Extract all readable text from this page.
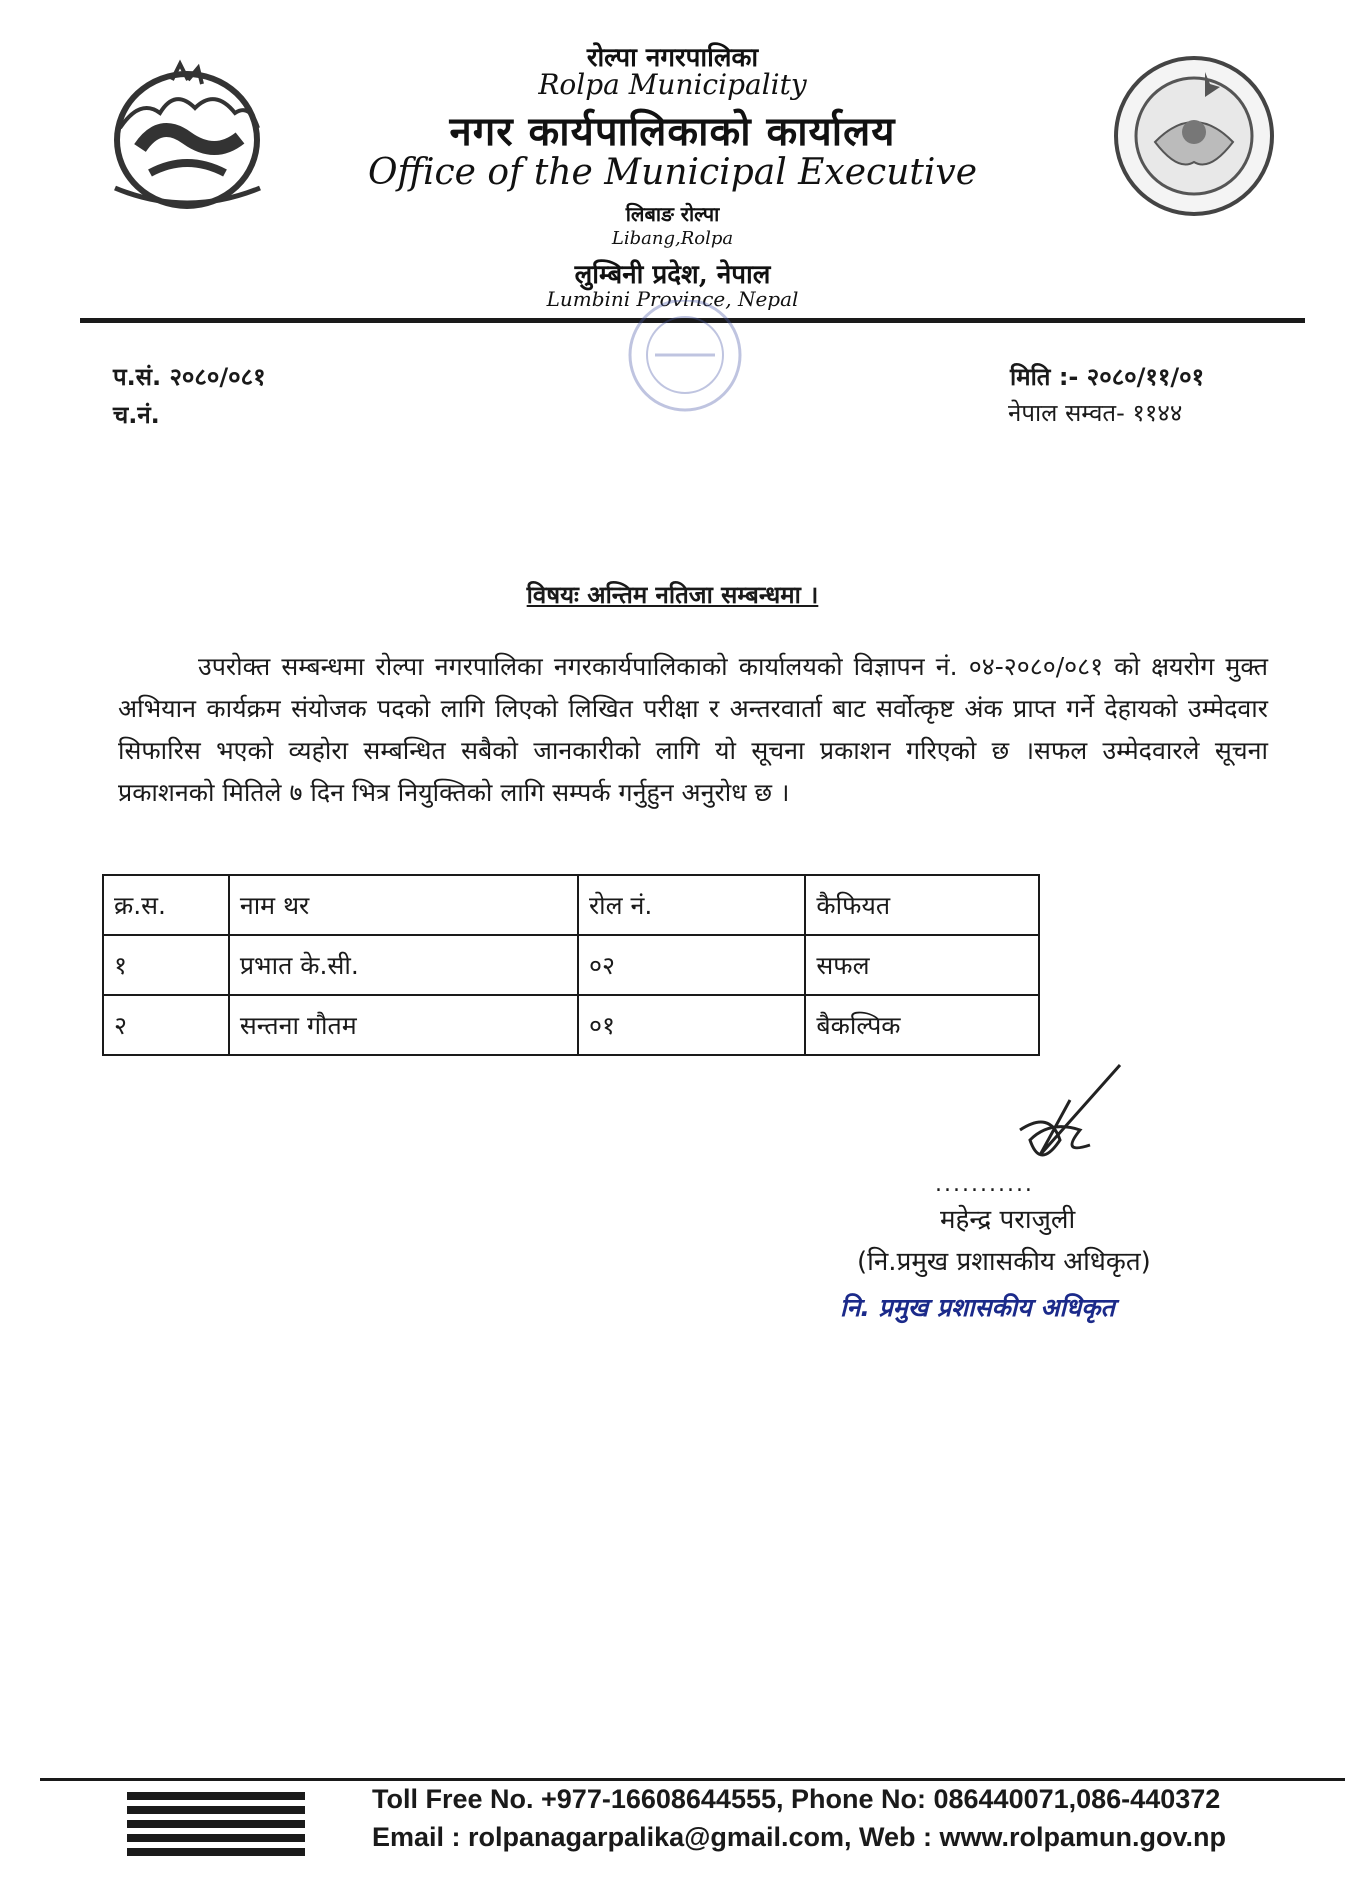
रोल्पा नगरपालिका
Rolpa Municipality
नगर कार्यपालिकाको कार्यालय
Office of the Municipal Executive
लिबाङ रोल्पा
Libang,Rolpa
लुम्बिनी प्रदेश, नेपाल
Lumbini Province, Nepal
प.सं. २०८०/०८१
च.नं.
मिति :- २०८०/११/०१
नेपाल सम्वत- ११४४
विषयः अन्तिम नतिजा सम्बन्धमा ।
उपरोक्त सम्बन्धमा रोल्पा नगरपालिका नगरकार्यपालिकाको कार्यालयको विज्ञापन नं. ०४-२०८०/०८१ को क्षयरोग मुक्त अभियान कार्यक्रम संयोजक पदको लागि लिएको लिखित परीक्षा र अन्तरवार्ता बाट सर्वोत्कृष्ट अंक प्राप्त गर्ने देहायको उम्मेदवार सिफारिस भएको व्यहोरा सम्बन्धित सबैको जानकारीको लागि यो सूचना प्रकाशन गरिएको छ ।सफल उम्मेदवारले सूचना प्रकाशनको मितिले ७ दिन भित्र नियुक्तिको लागि सम्पर्क गर्नुहुन अनुरोध छ ।
क्र.स.	नाम थर	रोल नं.	कैफियत
१	प्रभात के.सी.	०२	सफल
२	सन्तना गौतम	०१	बैकल्पिक
...........
महेन्द्र पराजुली
(नि.प्रमुख प्रशासकीय अधिकृत)
नि. प्रमुख प्रशासकीय अधिकृत
Toll Free No. +977-16608644555, Phone No: 086440071,086-440372
Email : rolpanagarpalika@gmail.com, Web : www.rolpamun.gov.np
